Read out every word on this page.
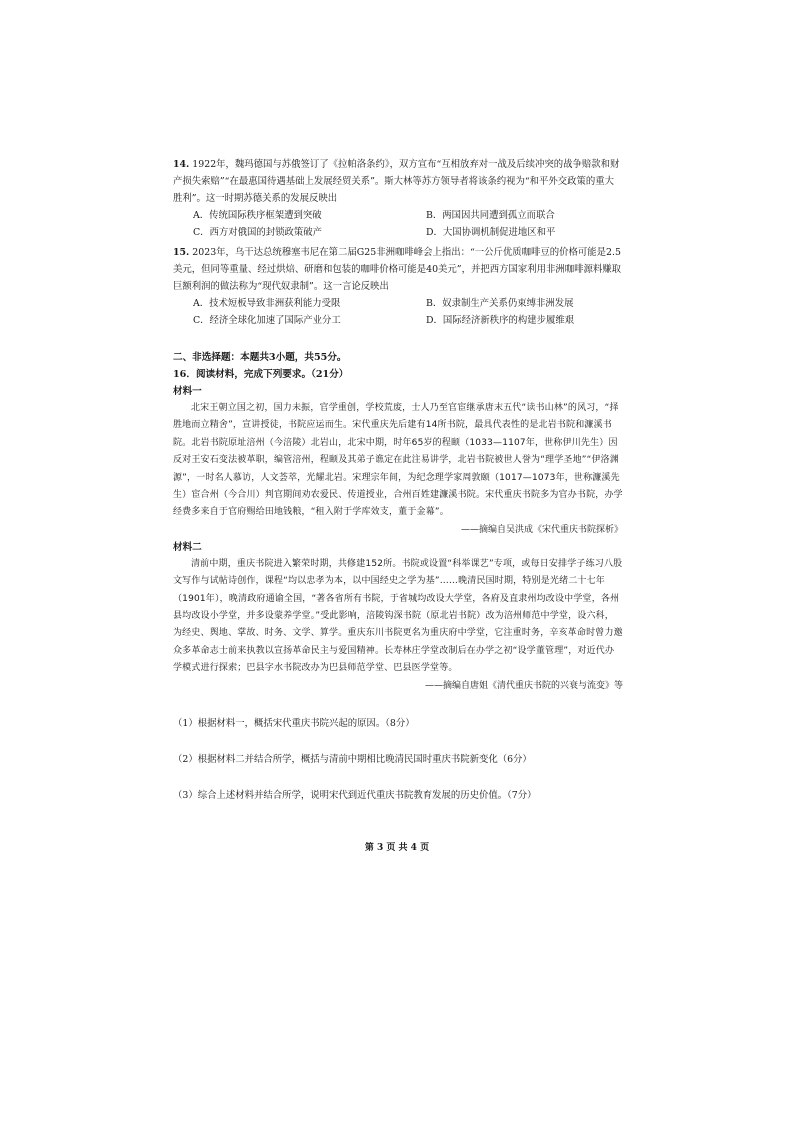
14. 1922年，魏玛德国与苏俄签订了《拉帕洛条约》，双方宣布“互相放弃对一战及后续冲突的战争赔款和财产损失索赔”“在最惠国待遇基础上发展经贸关系”。斯大林等苏方领导者将该条约视为“和平外交政策的重大胜利”。这一时期苏德关系的发展反映出

A．传统国际秩序框架遭到突破	B．两国因共同遭到孤立而联合
C．西方对俄国的封锁政策破产	D．大国协调机制促进地区和平

15. 2023年，乌干达总统穆塞韦尼在第二届G25非洲咖啡峰会上指出：“一公斤优质咖啡豆的价格可能是2.5美元，但同等重量、经过烘焙、研磨和包装的咖啡价格可能是40美元”，并把西方国家利用非洲咖啡源料赚取巨额利润的做法称为“现代奴隶制”。这一言论反映出

A．技术短板导致非洲获利能力受限	B．奴隶制生产关系仍束缚非洲发展
C．经济全球化加速了国际产业分工	D．国际经济新秩序的构建步履维艰

二、非选择题：本题共3小题，共55分。

16．阅读材料，完成下列要求。（21分）

材料一

北宋王朝立国之初，国力未振，官学重创，学校荒废，士人乃至官宦继承唐末五代“读书山林”的风习，“择胜地而立精舍”，宣讲授徒，书院应运而生。宋代重庆先后建有14所书院，最具代表性的是北岩书院和濂溪书院。北岩书院原址涪州（今涪陵）北岩山，北宋中期，时年65岁的程颐（1033—1107年，世称伊川先生）因反对王安石变法被革职，编管涪州，程颐及其弟子谯定在此注易讲学，北岩书院被世人誉为“理学圣地”“伊洛渊源”，一时名人慕访，人文荟萃，光耀北岩。宋理宗年间，为纪念理学家周敦颐（1017—1073年，世称濂溪先生）宦合州（今合川）判官期间劝农爱民、传道授业，合州百姓建濂溪书院。宋代重庆书院多为官办书院，办学经费多来自于官府赐给田地钱粮，“租入附于学库效支，董于金幕”。

——摘编自吴洪成《宋代重庆书院探析》

材料二

清前中期，重庆书院进入繁荣时期，共修建152所。书院或设置“科举课艺”专项，或每日安排学子练习八股文写作与试帖诗创作，课程“均以忠孝为本，以中国经史之学为基”……晚清民国时期，特别是光绪二十七年（1901年），晚清政府通谕全国，“著各省所有书院，于省城均改设大学堂，各府及直隶州均改设中学堂，各州县均改设小学堂，并多设蒙养学堂。”受此影响，涪陵钩深书院（原北岩书院）改为涪州师范中学堂，设六科，为经史、舆地、掌故、时务、文学、算学。重庆东川书院更名为重庆府中学堂，它注重时务，辛亥革命时曾力邀众多革命志士前来执教以宣扬革命民主与爱国精神。长寿林庄学堂改制后在办学之初“设学董管理”，对近代办学模式进行探索；巴县字水书院改办为巴县师范学堂、巴县医学堂等。

——摘编自唐姐《清代重庆书院的兴衰与流变》等

（1）根据材料一，概括宋代重庆书院兴起的原因。（8分）

（2）根据材料二并结合所学，概括与清前中期相比晚清民国时重庆书院新变化（6分）

（3）综合上述材料并结合所学，说明宋代到近代重庆书院教育发展的历史价值。（7分）

第 3 页 共 4 页
